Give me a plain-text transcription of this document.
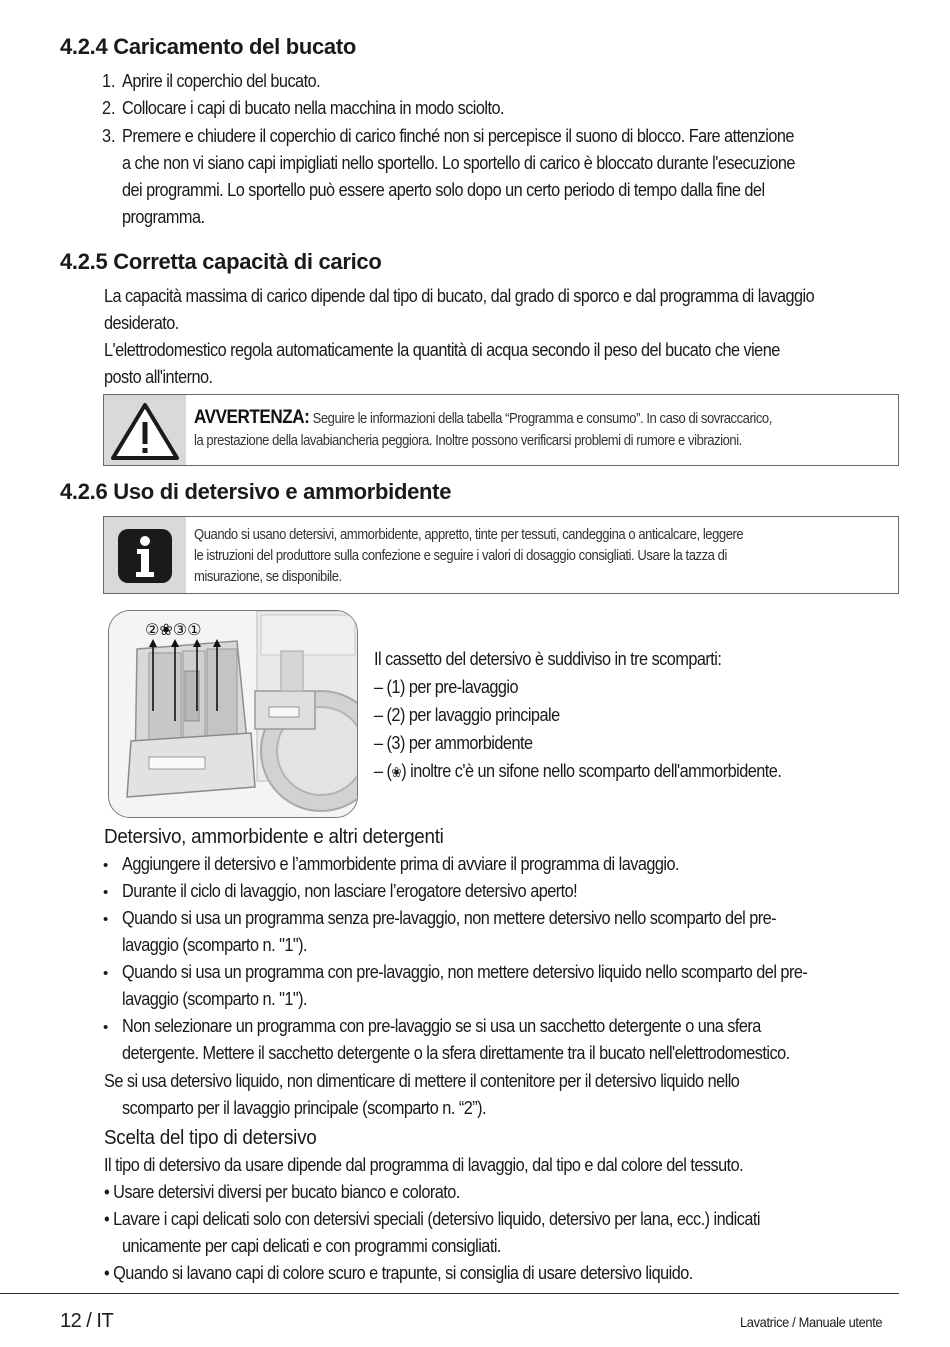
4.2.4 Caricamento del bucato
1. Aprire il coperchio del bucato.
2. Collocare i capi di bucato nella macchina in modo sciolto.
3. Premere e chiudere il coperchio di carico finché non si percepisce il suono di blocco. Fare attenzione
a che non vi siano capi impigliati nello sportello. Lo sportello di carico è bloccato durante l'esecuzione
dei programmi. Lo sportello può essere aperto solo dopo un certo periodo di tempo dalla fine del
programma.
4.2.5 Corretta capacità di carico
La capacità massima di carico dipende dal tipo di bucato, dal grado di sporco e dal programma di lavaggio
desiderato.
L'elettrodomestico regola automaticamente la quantità di acqua secondo il peso del bucato che viene
posto all'interno.
AVVERTENZA: Seguire le informazioni della tabella “Programma e consumo”. In caso di sovraccarico,
la prestazione della lavabiancheria peggiora. Inoltre possono verificarsi problemi di rumore e vibrazioni.
4.2.6 Uso di detersivo e ammorbidente
Quando si usano detersivi, ammorbidente, appretto, tinte per tessuti, candeggina o anticalcare, leggere
le istruzioni del produttore sulla confezione e seguire i valori di dosaggio consigliati. Usare la tazza di
misurazione, se disponibile.
②❀③①
Il cassetto del detersivo è suddiviso in tre scomparti:
– (1) per pre-lavaggio
– (2) per lavaggio principale
– (3) per ammorbidente
– (❀) inoltre c'è un sifone nello scomparto dell'ammorbidente.
Detersivo, ammorbidente e altri detergenti
• Aggiungere il detersivo e l’ammorbidente prima di avviare il programma di lavaggio.
• Durante il ciclo di lavaggio, non lasciare l’erogatore detersivo aperto!
• Quando si usa un programma senza pre-lavaggio, non mettere detersivo nello scomparto del pre-
lavaggio (scomparto n. "1").
• Quando si usa un programma con pre-lavaggio, non mettere detersivo liquido nello scomparto del pre-
lavaggio (scomparto n. "1").
• Non selezionare un programma con pre-lavaggio se si usa un sacchetto detergente o una sfera
detergente. Mettere il sacchetto detergente o la sfera direttamente tra il bucato nell'elettrodomestico.
Se si usa detersivo liquido, non dimenticare di mettere il contenitore per il detersivo liquido nello
scomparto per il lavaggio principale (scomparto n. “2”).
Scelta del tipo di detersivo
Il tipo di detersivo da usare dipende dal programma di lavaggio, dal tipo e dal colore del tessuto.
• Usare detersivi diversi per bucato bianco e colorato.
• Lavare i capi delicati solo con detersivi speciali (detersivo liquido, detersivo per lana, ecc.) indicati
unicamente per capi delicati e con programmi consigliati.
• Quando si lavano capi di colore scuro e trapunte, si consiglia di usare detersivo liquido.
12 / IT	Lavatrice / Manuale utente
